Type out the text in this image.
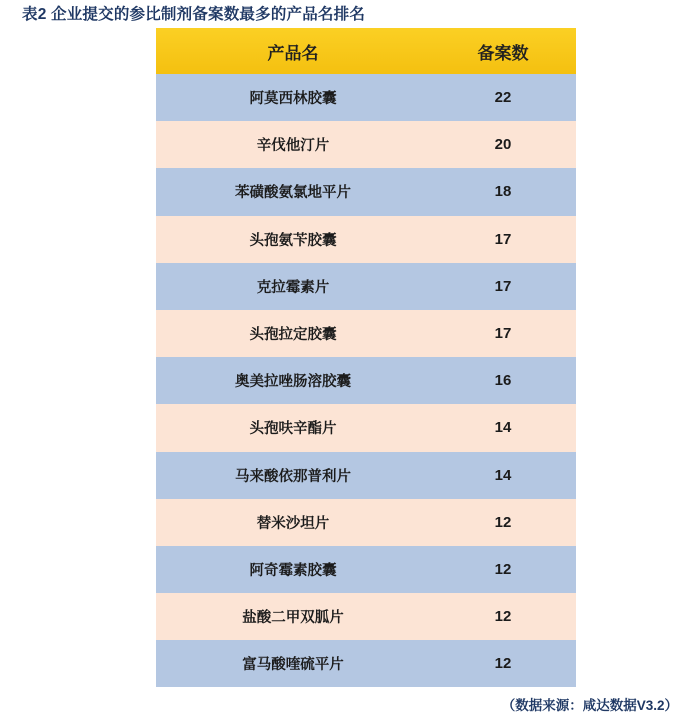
表2 企业提交的参比制剂备案数最多的产品名排名
产品名	备案数
阿莫西林胶囊	22
辛伐他汀片	20
苯磺酸氨氯地平片	18
头孢氨苄胶囊	17
克拉霉素片	17
头孢拉定胶囊	17
奥美拉唑肠溶胶囊	16
头孢呋辛酯片	14
马来酸依那普利片	14
替米沙坦片	12
阿奇霉素胶囊	12
盐酸二甲双胍片	12
富马酸喹硫平片	12
（数据来源：咸达数据V3.2）
